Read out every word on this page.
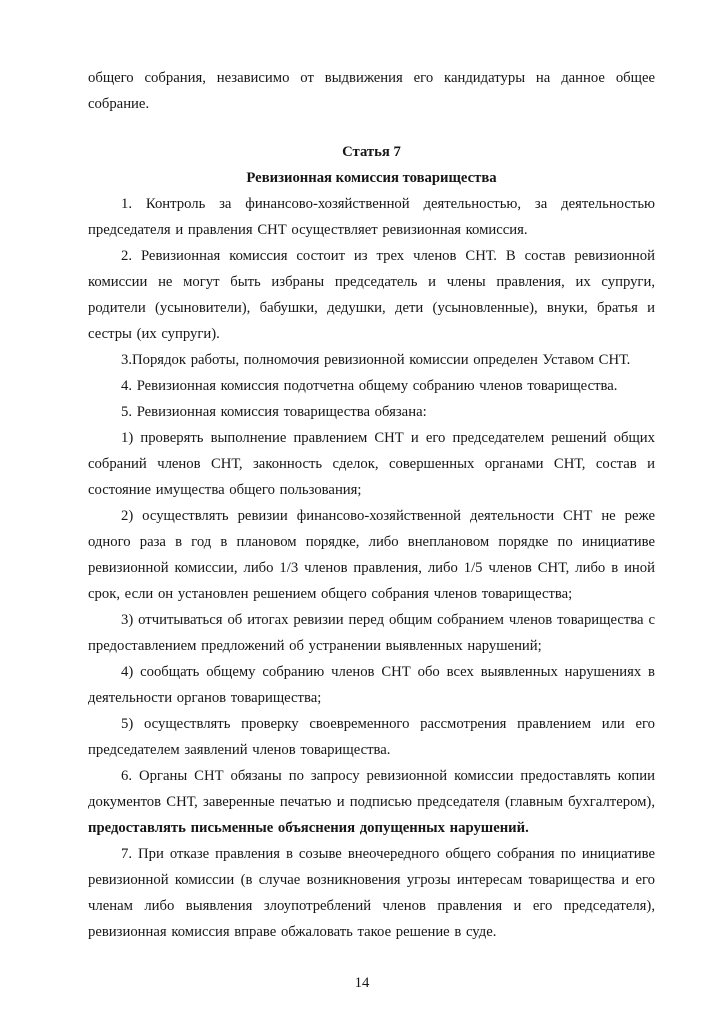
общего собрания, независимо от выдвижения его кандидатуры на данное общее собрание.

Статья 7
Ревизионная комиссия товарищества

1. Контроль за финансово-хозяйственной деятельностью, за деятельностью председателя и правления СНТ осуществляет ревизионная комиссия.

2. Ревизионная комиссия состоит из трех членов СНТ. В состав ревизионной комиссии не могут быть избраны председатель и члены правления, их супруги, родители (усыновители), бабушки, дедушки, дети (усыновленные), внуки, братья и сестры (их супруги).

3.Порядок работы, полномочия ревизионной комиссии определен Уставом СНТ.

4. Ревизионная комиссия подотчетна общему собранию членов товарищества.

5. Ревизионная комиссия товарищества обязана:

1) проверять выполнение правлением СНТ и его председателем решений общих собраний членов СНТ, законность сделок, совершенных органами СНТ, состав и состояние имущества общего пользования;

2) осуществлять ревизии финансово-хозяйственной деятельности СНТ не реже одного раза в год в плановом порядке, либо внеплановом порядке по инициативе ревизионной комиссии, либо 1/3 членов правления, либо 1/5 членов СНТ, либо в иной срок, если он установлен решением общего собрания членов товарищества;

3) отчитываться об итогах ревизии перед общим собранием членов товарищества с предоставлением предложений об устранении выявленных нарушений;

4) сообщать общему собранию членов СНТ обо всех выявленных нарушениях в деятельности органов товарищества;

5) осуществлять проверку своевременного рассмотрения правлением или его председателем заявлений членов товарищества.

6. Органы СНТ обязаны по запросу ревизионной комиссии предоставлять копии документов СНТ, заверенные печатью и подписью председателя (главным бухгалтером), предоставлять письменные объяснения допущенных нарушений.

7. При отказе правления в созыве внеочередного общего собрания по инициативе ревизионной комиссии (в случае возникновения угрозы интересам товарищества и его членам либо выявления злоупотреблений членов правления и его председателя), ревизионная комиссия вправе обжаловать такое решение в суде.

14
